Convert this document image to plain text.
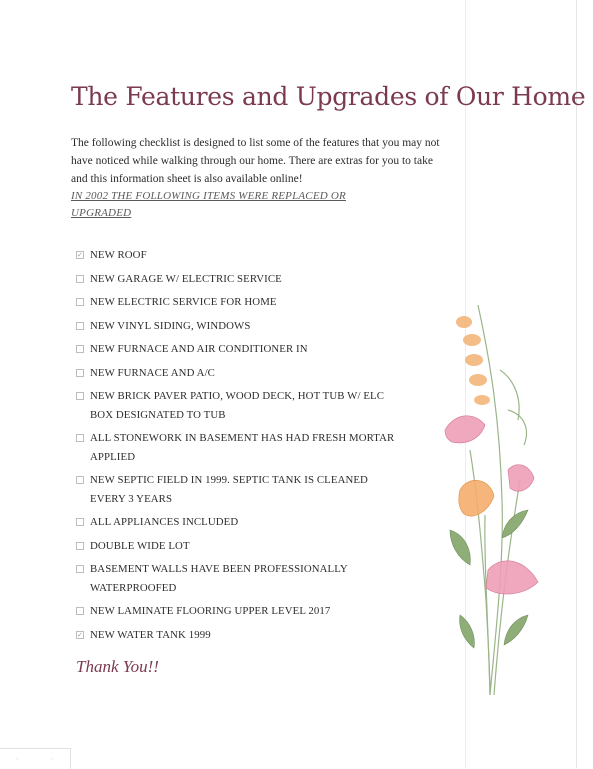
The Features and Upgrades of Our Home
The following checklist is designed to list some of the features that you may not
have noticed while walking through our home. There are extras for you to take
and this information sheet is also available online!
IN 2002 THE FOLLOWING ITEMS WERE REPLACED OR
UPGRADED
✓ NEW ROOF
NEW GARAGE W/ ELECTRIC SERVICE
NEW ELECTRIC SERVICE FOR HOME
NEW VINYL SIDING, WINDOWS
NEW FURNACE AND AIR CONDITIONER IN
NEW FURNACE AND A/C
NEW BRICK PAVER PATIO, WOOD DECK, HOT TUB W/ ELC
BOX DESIGNATED TO TUB
ALL STONEWORK IN BASEMENT HAS HAD FRESH MORTAR
APPLIED
NEW SEPTIC FIELD IN 1999. SEPTIC TANK IS CLEANED
EVERY 3 YEARS
ALL APPLIANCES INCLUDED
DOUBLE WIDE LOT
BASEMENT WALLS HAVE BEEN PROFESSIONALLY
WATERPROOFED
NEW LAMINATE FLOORING UPPER LEVEL 2017
✓ NEW WATER TANK 1999
Thank You!!
◌	◌
